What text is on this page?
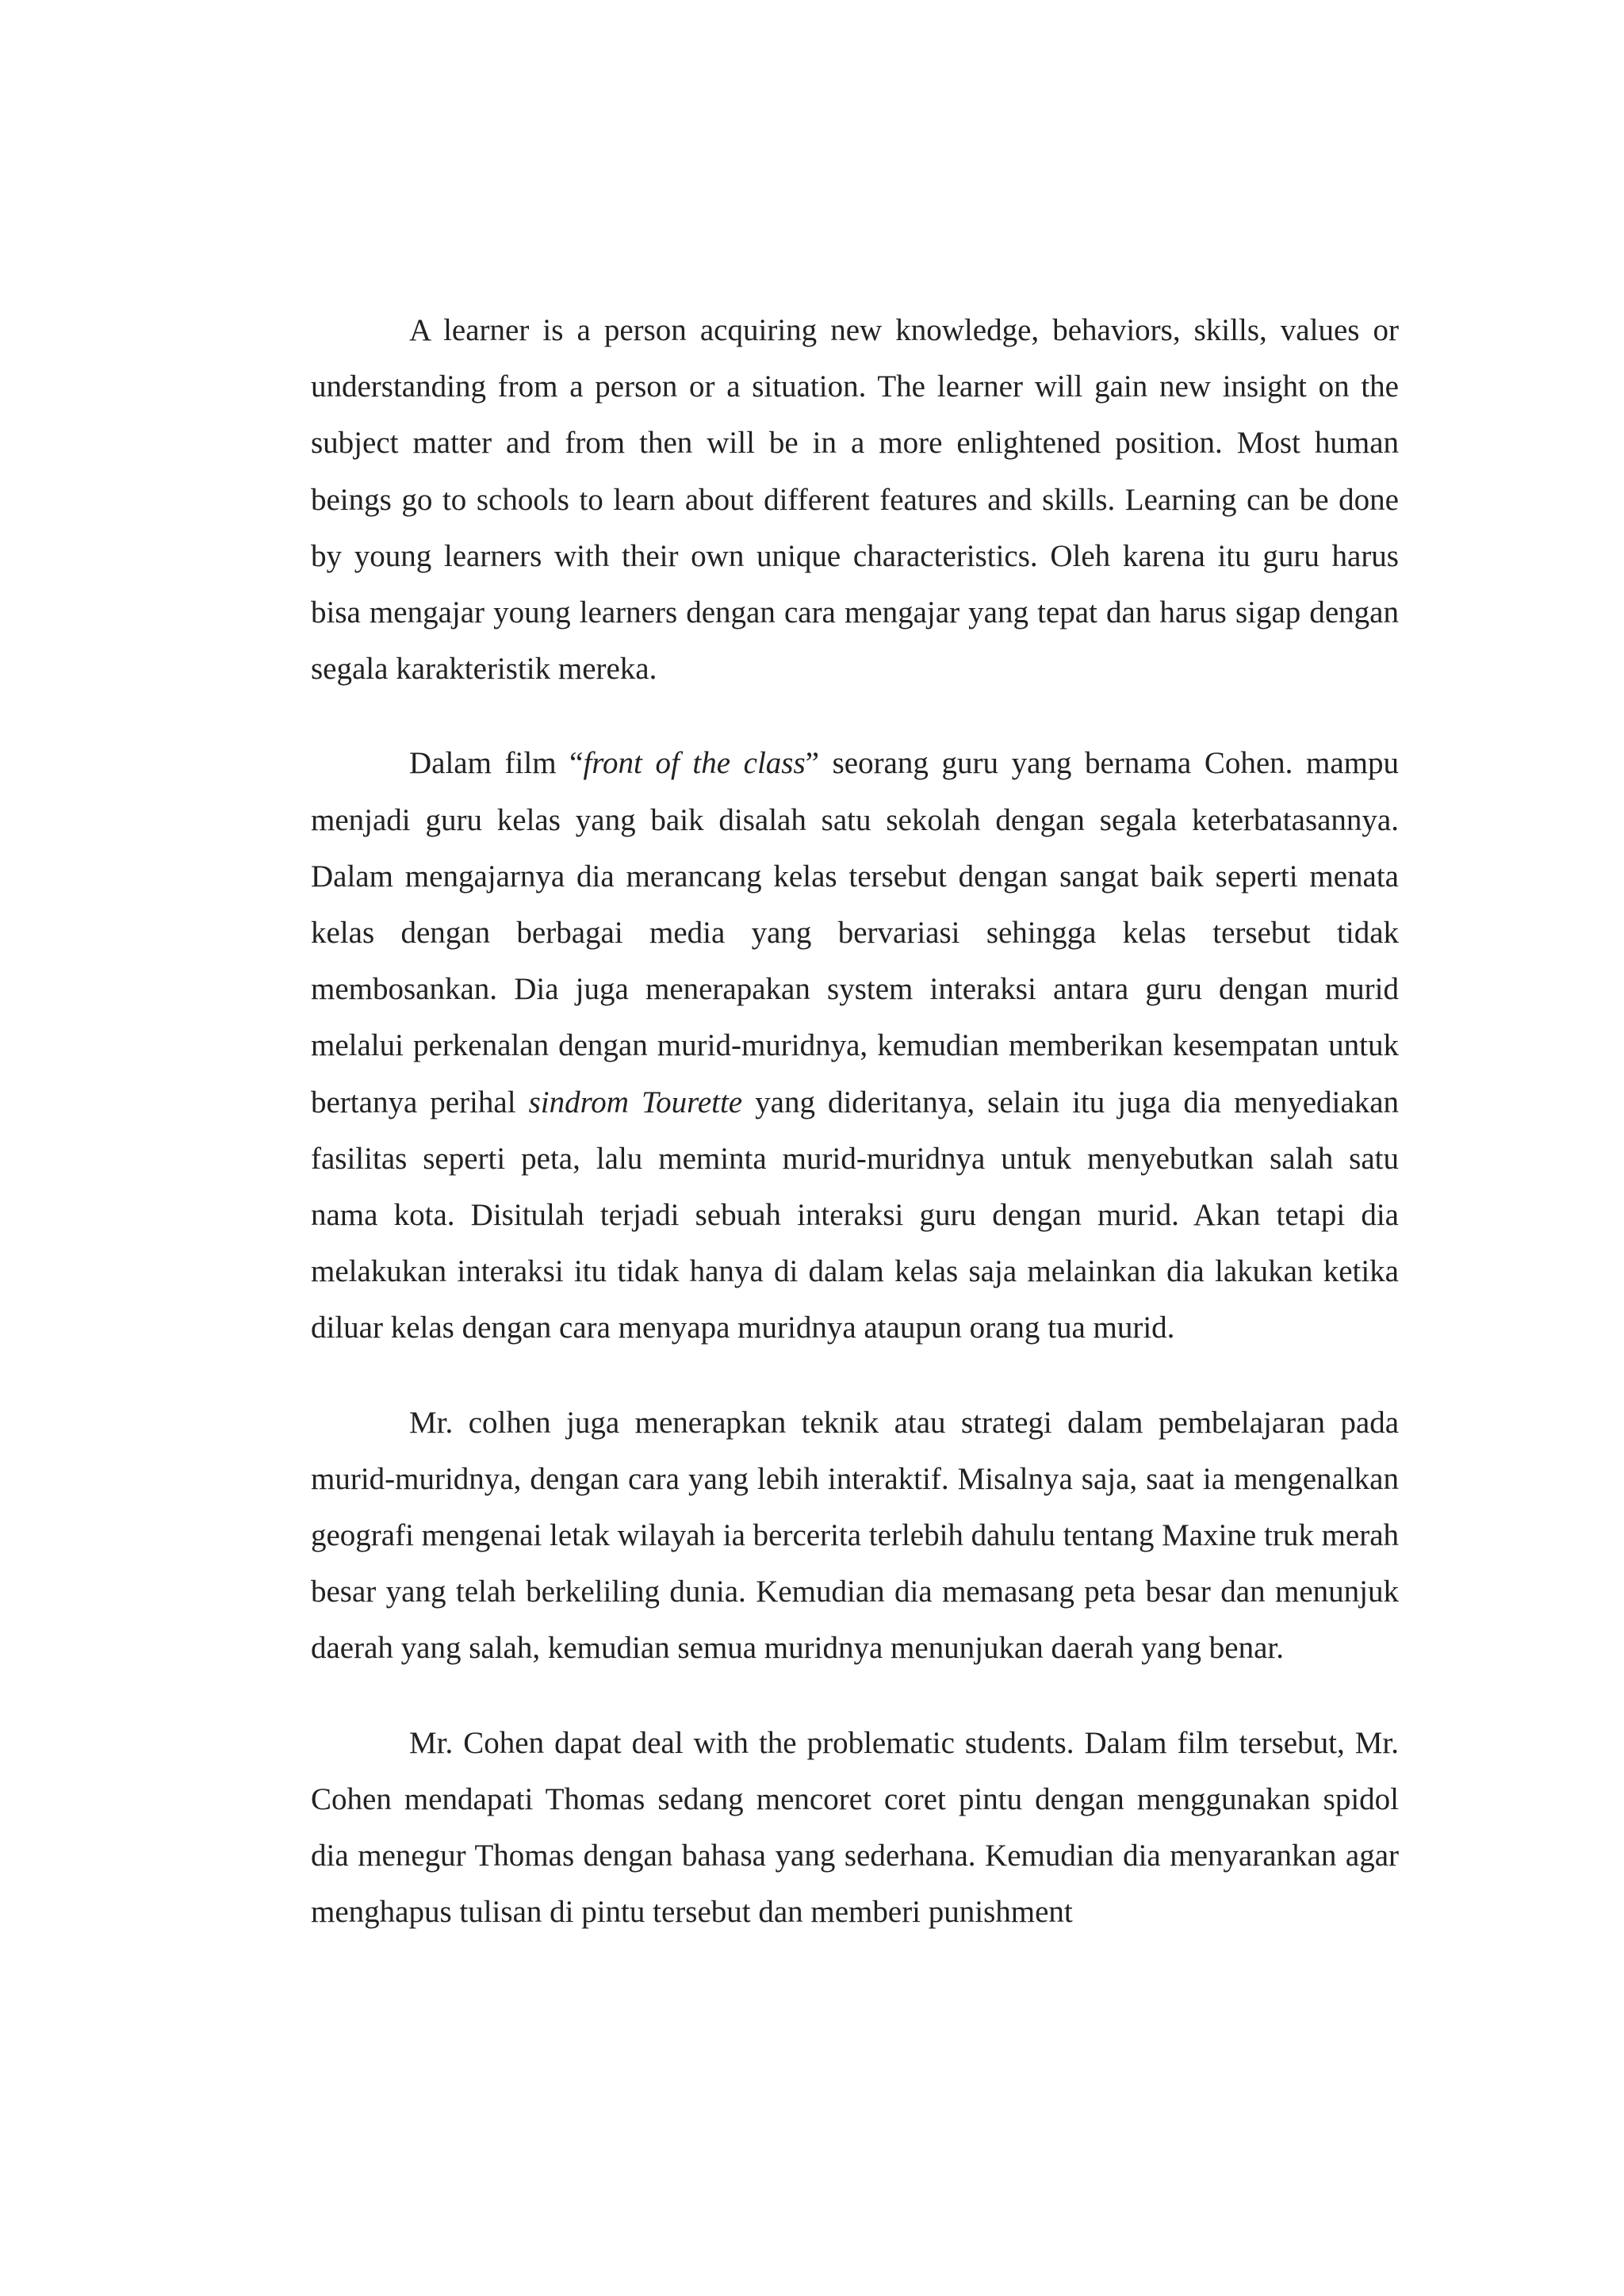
A learner is a person acquiring new knowledge, behaviors, skills, values or understanding from a person or a situation. The learner will gain new insight on the subject matter and from then will be in a more enlightened position. Most human beings go to schools to learn about different features and skills. Learning can be done by young learners with their own unique characteristics. Oleh karena itu guru harus bisa mengajar young learners dengan cara mengajar yang tepat dan harus sigap dengan segala karakteristik mereka.

Dalam film “front of the class” seorang guru yang bernama Cohen. mampu menjadi guru kelas yang baik disalah satu sekolah dengan segala keterbatasannya. Dalam mengajarnya dia merancang kelas tersebut dengan sangat baik seperti menata kelas dengan berbagai media yang bervariasi sehingga kelas tersebut tidak membosankan. Dia juga menerapakan system interaksi antara guru dengan murid melalui perkenalan dengan murid-muridnya, kemudian memberikan kesempatan untuk bertanya perihal sindrom Tourette yang dideritanya, selain itu juga dia menyediakan fasilitas seperti peta, lalu meminta murid-muridnya untuk menyebutkan salah satu nama kota. Disitulah terjadi sebuah interaksi guru dengan murid. Akan tetapi dia melakukan interaksi itu tidak hanya di dalam kelas saja melainkan dia lakukan ketika diluar kelas dengan cara menyapa muridnya ataupun orang tua murid.

Mr. colhen juga menerapkan teknik atau strategi dalam pembelajaran pada murid-muridnya, dengan cara yang lebih interaktif. Misalnya saja, saat ia mengenalkan geografi mengenai letak wilayah ia bercerita terlebih dahulu tentang Maxine truk merah besar yang telah berkeliling dunia. Kemudian dia memasang peta besar dan menunjuk daerah yang salah, kemudian semua muridnya menunjukan daerah yang benar.

Mr. Cohen dapat deal with the problematic students. Dalam film tersebut, Mr. Cohen mendapati Thomas sedang mencoret coret pintu dengan menggunakan spidol dia menegur Thomas dengan bahasa yang sederhana. Kemudian dia menyarankan agar menghapus tulisan di pintu tersebut dan memberi punishment
